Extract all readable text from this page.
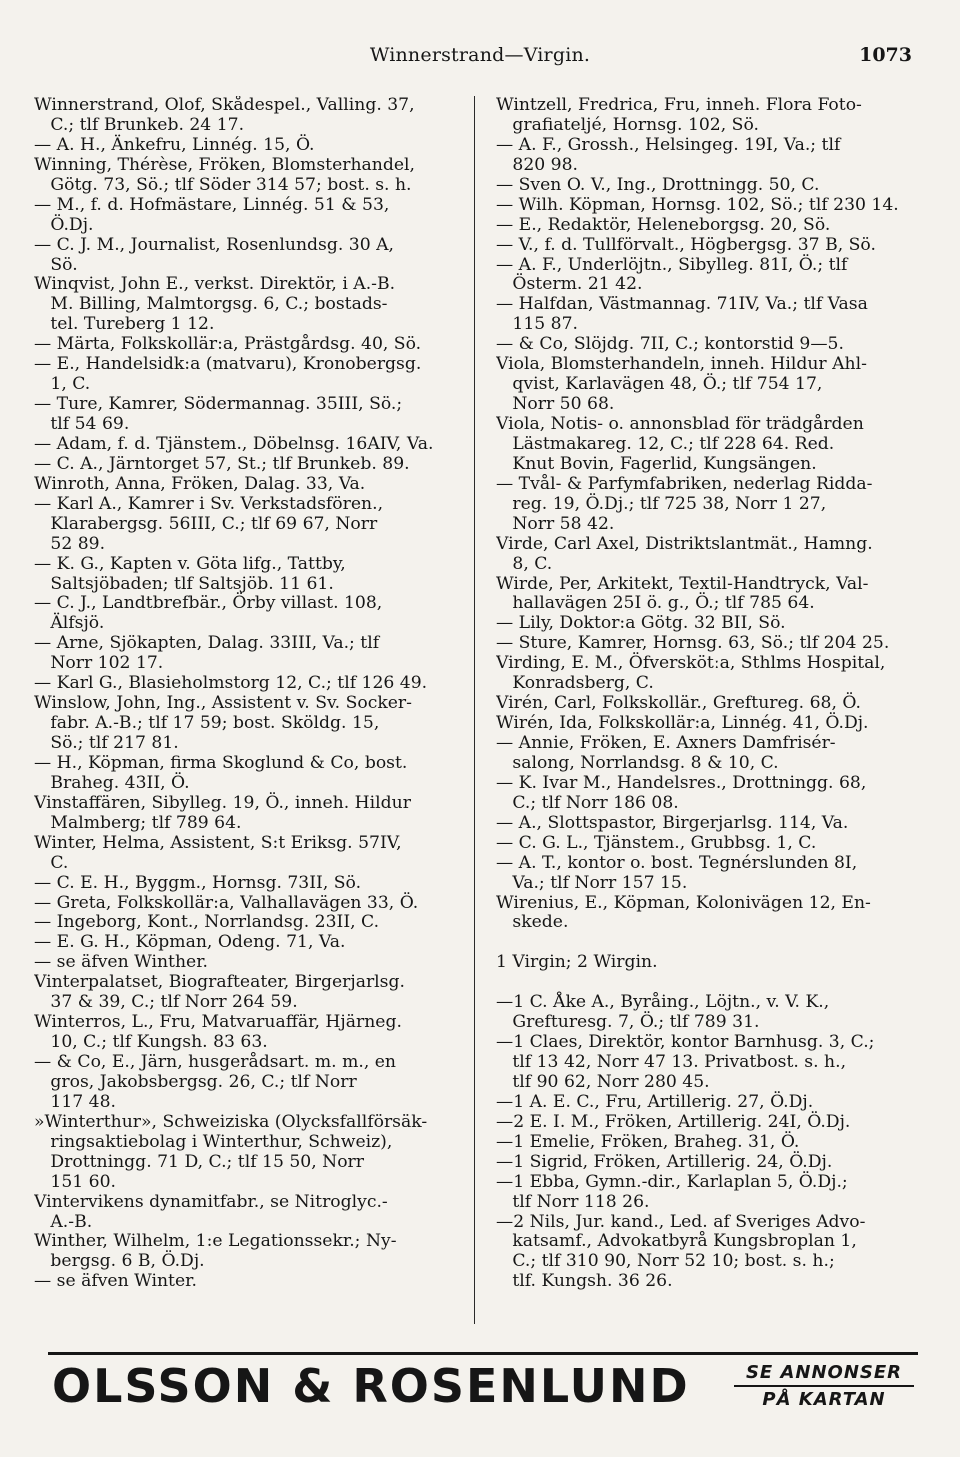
Winnerstrand—Virgin.	1073
Winnerstrand, Olof, Skådespel., Valling. 37,
C.; tlf Brunkeb. 24 17.
— A. H., Änkefru, Linnég. 15, Ö.
Winning, Thérèse, Fröken, Blomsterhandel,
Götg. 73, Sö.; tlf Söder 314 57; bost. s. h.
— M., f. d. Hofmästare, Linnég. 51 & 53,
Ö.Dj.
— C. J. M., Journalist, Rosenlundsg. 30 A,
Sö.
Winqvist, John E., verkst. Direktör, i A.-B.
M. Billing, Malmtorgsg. 6, C.; bostads-
tel. Tureberg 1 12.
— Märta, Folkskollär:a, Prästgårdsg. 40, Sö.
— E., Handelsidk:a (matvaru), Kronobergsg.
1, C.
— Ture, Kamrer, Södermannag. 35III, Sö.;
tlf 54 69.
— Adam, f. d. Tjänstem., Döbelnsg. 16AIV, Va.
— C. A., Järntorget 57, St.; tlf Brunkeb. 89.
Winroth, Anna, Fröken, Dalag. 33, Va.
— Karl A., Kamrer i Sv. Verkstadsfören.,
Klarabergsg. 56III, C.; tlf 69 67, Norr
52 89.
— K. G., Kapten v. Göta lifg., Tattby,
Saltsjöbaden; tlf Saltsjöb. 11 61.
— C. J., Landtbrefbär., Örby villast. 108,
Älfsjö.
— Arne, Sjökapten, Dalag. 33III, Va.; tlf
Norr 102 17.
— Karl G., Blasieholmstorg 12, C.; tlf 126 49.
Winslow, John, Ing., Assistent v. Sv. Socker-
fabr. A.-B.; tlf 17 59; bost. Sköldg. 15,
Sö.; tlf 217 81.
— H., Köpman, firma Skoglund & Co, bost.
Braheg. 43II, Ö.
Vinstaffären, Sibylleg. 19, Ö., inneh. Hildur
Malmberg; tlf 789 64.
Winter, Helma, Assistent, S:t Eriksg. 57IV,
C.
— C. E. H., Byggm., Hornsg. 73II, Sö.
— Greta, Folkskollär:a, Valhallavägen 33, Ö.
— Ingeborg, Kont., Norrlandsg. 23II, C.
— E. G. H., Köpman, Odeng. 71, Va.
— se äfven Winther.
Vinterpalatset, Biografteater, Birgerjarlsg.
37 & 39, C.; tlf Norr 264 59.
Winterros, L., Fru, Matvaruaffär, Hjärneg.
10, C.; tlf Kungsh. 83 63.
— & Co, E., Järn, husgerådsart. m. m., en
gros, Jakobsbergsg. 26, C.; tlf Norr
117 48.
»Winterthur», Schweiziska (Olycksfallförsäk-
ringsaktiebolag i Winterthur, Schweiz),
Drottningg. 71 D, C.; tlf 15 50, Norr
151 60.
Vintervikens dynamitfabr., se Nitroglyc.-
A.-B.
Winther, Wilhelm, 1:e Legationssekr.; Ny-
bergsg. 6 B, Ö.Dj.
— se äfven Winter.
Wintzell, Fredrica, Fru, inneh. Flora Foto-
grafiatelјé, Hornsg. 102, Sö.
— A. F., Grossh., Helsingeg. 19I, Va.; tlf
820 98.
— Sven O. V., Ing., Drottningg. 50, C.
— Wilh. Köpman, Hornsg. 102, Sö.; tlf 230 14.
— E., Redaktör, Heleneborgsg. 20, Sö.
— V., f. d. Tullförvalt., Högbergsg. 37 B, Sö.
— A. F., Underlöjtn., Sibylleg. 81I, Ö.; tlf
Österm. 21 42.
— Halfdan, Västmannag. 71IV, Va.; tlf Vasa
115 87.
— & Co, Slöjdg. 7II, C.; kontorstid 9—5.
Viola, Blomsterhandeln, inneh. Hildur Ahl-
qvist, Karlavägen 48, Ö.; tlf 754 17,
Norr 50 68.
Viola, Notis- o. annonsblad för trädgården
Lästmakareg. 12, C.; tlf 228 64. Red.
Knut Bovin, Fagerlid, Kungsängen.
— Tvål- & Parfymfabriken, nederlag Ridda-
reg. 19, Ö.Dj.; tlf 725 38, Norr 1 27,
Norr 58 42.
Virde, Carl Axel, Distriktslantmät., Hamng.
8, C.
Wirde, Per, Arkitekt, Textil-Handtryck, Val-
hallavägen 25I ö. g., Ö.; tlf 785 64.
— Lily, Doktor:a Götg. 32 BII, Sö.
— Sture, Kamrer, Hornsg. 63, Sö.; tlf 204 25.
Virding, E. M., Öfverskötːa, Sthlms Hospital,
Konradsberg, C.
Virén, Carl, Folkskollär., Greftureg. 68, Ö.
Wirén, Ida, Folkskollär:a, Linnég. 41, Ö.Dj.
— Annie, Fröken, E. Axners Damfrisér-
salong, Norrlandsg. 8 & 10, C.
— K. Ivar M., Handelsres., Drottningg. 68,
C.; tlf Norr 186 08.
— A., Slottspastor, Birgerjarlsg. 114, Va.
— C. G. L., Tjänstem., Grubbsg. 1, C.
— A. T., kontor o. bost. Tegnérslunden 8I,
Va.; tlf Norr 157 15.
Wirenius, E., Köpman, Kolonivägen 12, En-
skede.
1 Virgin; 2 Wirgin.
—1 C. Åke A., Byråing., Löjtn., v. V. K.,
Grefturesg. 7, Ö.; tlf 789 31.
—1 Claes, Direktör, kontor Barnhusg. 3, C.;
tlf 13 42, Norr 47 13. Privatbost. s. h.,
tlf 90 62, Norr 280 45.
—1 A. E. C., Fru, Artillerig. 27, Ö.Dj.
—2 E. I. M., Fröken, Artillerig. 24I, Ö.Dj.
—1 Emelie, Fröken, Braheg. 31, Ö.
—1 Sigrid, Fröken, Artillerig. 24, Ö.Dj.
—1 Ebba, Gymn.-dir., Karlaplan 5, Ö.Dj.;
tlf Norr 118 26.
—2 Nils, Jur. kand., Led. af Sveriges Advo-
katsamf., Advokatbyrå Kungsbroplan 1,
C.; tlf 310 90, Norr 52 10; bost. s. h.;
tlf. Kungsh. 36 26.
OLSSON & ROSENLUND	SE ANNONSER
PÅ KARTAN
